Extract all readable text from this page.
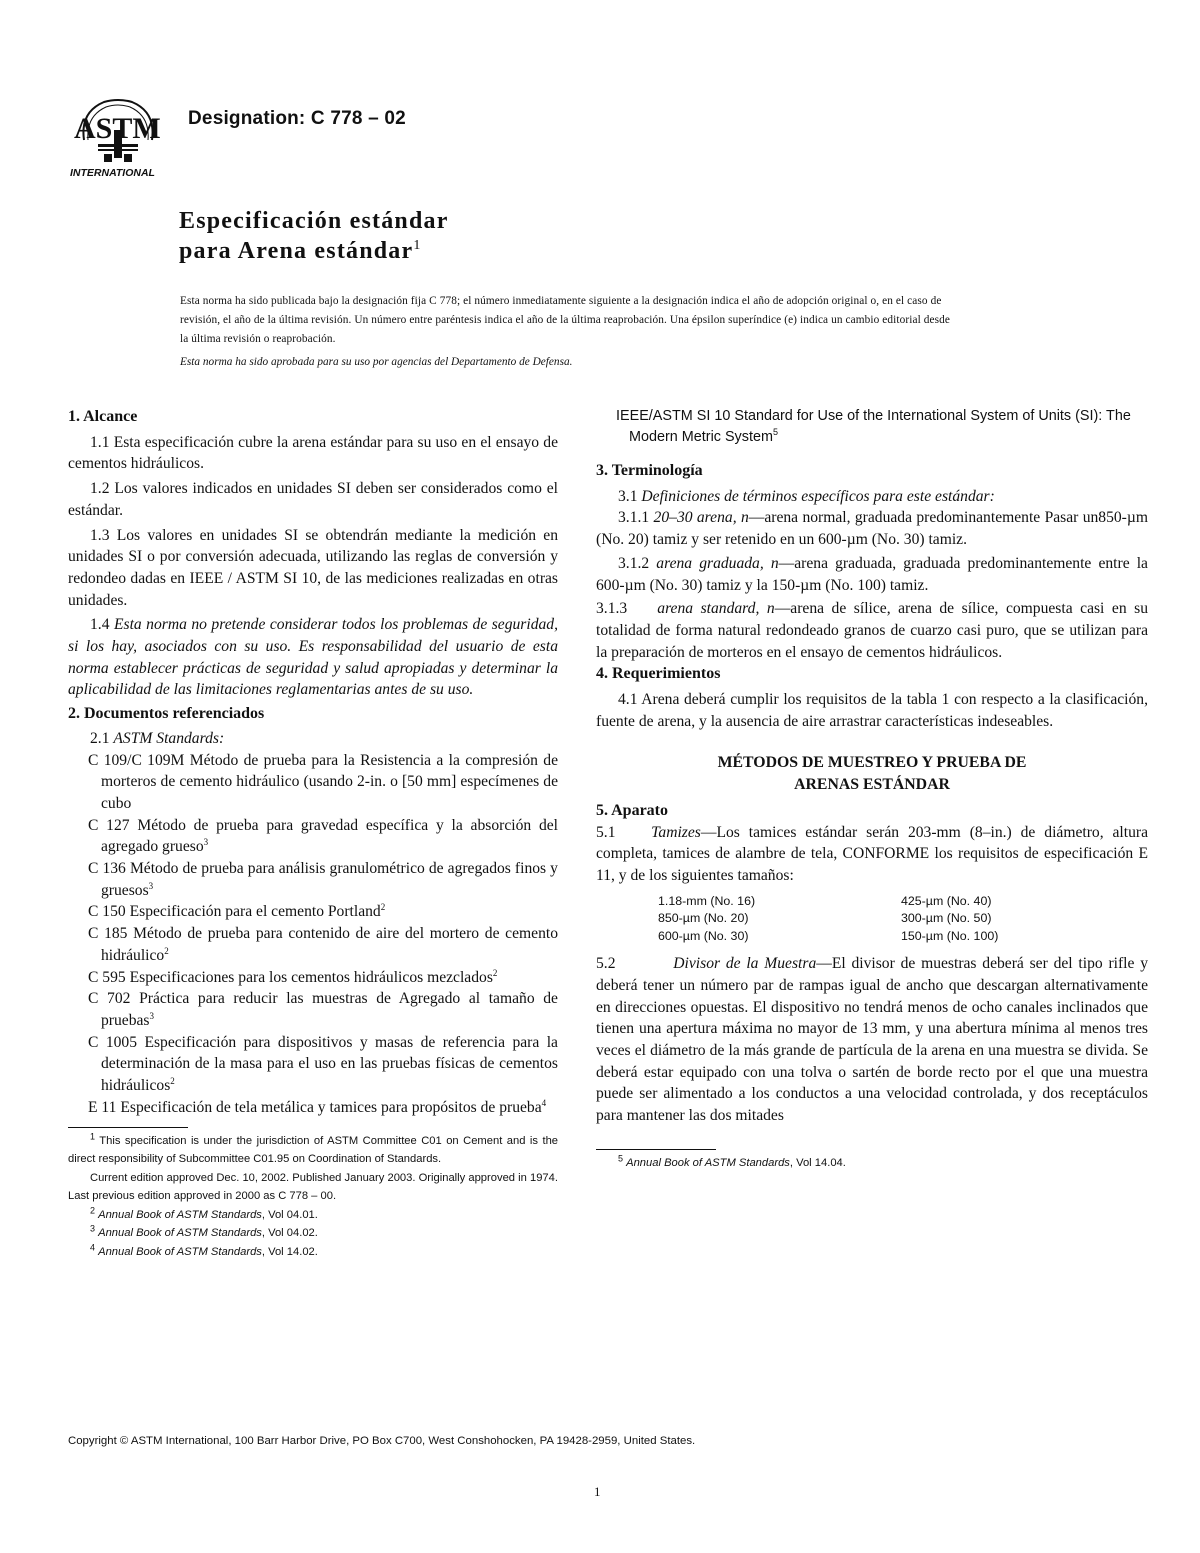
ASTM
INTERNATIONAL
Designation: C 778 – 02
Especificación estándar
para Arena estándar$^1$
Esta norma ha sido publicada bajo la designación fija C 778; el número inmediatamente siguiente a la designación indica el año de adopción original o, en el caso de revisión, el año de la última revisión. Un número entre paréntesis indica el año de la última reaprobación. Una épsilon superíndice (e) indica un cambio editorial desde la última revisión o reaprobación.
Esta norma ha sido aprobada para su uso por agencias del Departamento de Defensa.

1. Alcance

1.1 Esta especificación cubre la arena estándar para su uso en el ensayo de cementos hidráulicos.

1.2 Los valores indicados en unidades SI deben ser considerados como el estándar.

1.3 Los valores en unidades SI se obtendrán mediante la medición en unidades SI o por conversión adecuada, utilizando las reglas de conversión y redondeo dadas en IEEE / ASTM SI 10, de las mediciones realizadas en otras unidades.

1.4 Esta norma no pretende considerar todos los problemas de seguridad, si los hay, asociados con su uso. Es responsabilidad del usuario de esta norma establecer prácticas de seguridad y salud apropiadas y determinar la aplicabilidad de las limitaciones reglamentarias antes de su uso.

2. Documentos referenciados

2.1 ASTM Standards:

C 109/C 109M Método de prueba para la Resistencia a la compresión de morteros de cemento hidráulico (usando 2-in. o [50 mm] especímenes de cubo

C 127 Método de prueba para gravedad específica y la absorción del agregado grueso$^3$

C 136 Método de prueba para análisis granulométrico de agregados finos y gruesos$^3$

C 150 Especificación para el cemento Portland$^2$

C 185 Método de prueba para contenido de aire del mortero de cemento hidráulico$^2$

C 595 Especificaciones para los cementos hidráulicos mezclados$^2$

C 702 Práctica para reducir las muestras de Agregado al tamaño de pruebas$^3$

C 1005 Especificación para dispositivos y masas de referencia para la determinación de la masa para el uso en las pruebas físicas de cementos hidráulicos$^2$

E 11 Especificación de tela metálica y tamices para propósitos de prueba$^4$

$^1$ This specification is under the jurisdiction of ASTM Committee C01 on Cement and is the direct responsibility of Subcommittee C01.95 on Coordination of Standards.

Current edition approved Dec. 10, 2002. Published January 2003. Originally approved in 1974. Last previous edition approved in 2000 as C 778 – 00.

$^2$ Annual Book of ASTM Standards, Vol 04.01.

$^3$ Annual Book of ASTM Standards, Vol 04.02.

$^4$ Annual Book of ASTM Standards, Vol 14.02.

IEEE/ASTM SI 10 Standard for Use of the International System of Units (SI): The Modern Metric System$^5$

3. Terminología

3.1 Definiciones de términos específicos para este estándar:

3.1.1 20–30 arena, n—arena normal, graduada predominantemente Pasar un850-µm (No. 20) tamiz y ser retenido en un 600-µm (No. 30) tamiz.

3.1.2 arena graduada, n—arena graduada, graduada predominantemente entre la 600-µm (No. 30) tamiz y la 150-µm (No. 100) tamiz.

3.1.3 arena standard, n—arena de sílice, arena de sílice, compuesta casi en su totalidad de forma natural redondeado granos de cuarzo casi puro, que se utilizan para la preparación de morteros en el ensayo de cementos hidráulicos.

4. Requerimientos

4.1 Arena deberá cumplir los requisitos de la tabla 1 con respecto a la clasificación, fuente de arena, y la ausencia de aire arrastrar características indeseables.

MÉTODOS DE MUESTREO Y PRUEBA DE
ARENAS ESTÁNDAR

5. Aparato

5.1 Tamizes—Los tamices estándar serán 203-mm (8–in.) de diámetro, altura completa, tamices de alambre de tela, CONFORME los requisitos de especificación E 11, y de los siguientes tamaños:

1.18-mm (No. 16)	425-µm (No. 40)
850-µm (No. 20)	300-µm (No. 50)
600-µm (No. 30)	150-µm (No. 100)

5.2	Divisor de la Muestra—El divisor de muestras deberá ser del tipo rifle y deberá tener un número par de rampas igual de ancho que descargan alternativamente en direcciones opuestas. El dispositivo no tendrá menos de ocho canales inclinados que tienen una apertura máxima no mayor de 13 mm, y una abertura mínima al menos tres veces el diámetro de la más grande de partícula de la arena en una muestra se divida. Se deberá estar equipado con una tolva o sartén de borde recto por el que una muestra puede ser alimentado a los conductos a una velocidad controlada, y dos receptáculos para mantener las dos mitades

$^5$ Annual Book of ASTM Standards, Vol 14.04.

Copyright © ASTM International, 100 Barr Harbor Drive, PO Box C700, West Conshohocken, PA 19428-2959, United States.
1
